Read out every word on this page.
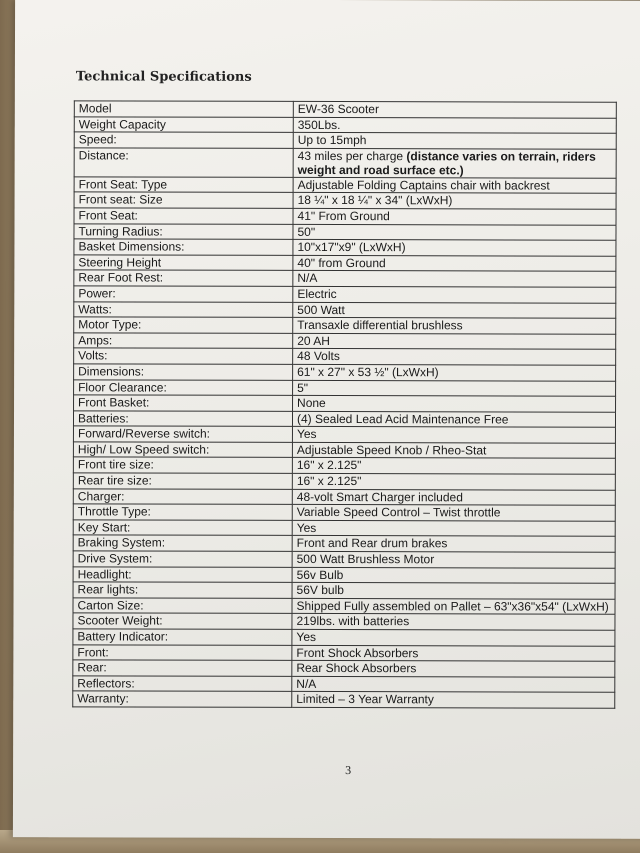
Technical Specifications
Model	EW-36 Scooter
Weight Capacity	350Lbs.
Speed:	Up to 15mph
Distance:	43 miles per charge (distance varies on terrain, riders weight and road surface etc.)
Front Seat: Type	Adjustable Folding Captains chair with backrest
Front seat: Size	18 ¼" x 18 ¼" x 34" (LxWxH)
Front Seat:	41" From Ground
Turning Radius:	50"
Basket Dimensions:	10"x17"x9" (LxWxH)
Steering Height	40" from Ground
Rear Foot Rest:	N/A
Power:	Electric
Watts:	500 Watt
Motor Type:	Transaxle differential brushless
Amps:	20 AH
Volts:	48 Volts
Dimensions:	61" x 27" x 53 ½" (LxWxH)
Floor Clearance:	5"
Front Basket:	None
Batteries:	(4) Sealed Lead Acid Maintenance Free
Forward/Reverse switch:	Yes
High/ Low Speed switch:	Adjustable Speed Knob / Rheo-Stat
Front tire size:	16" x 2.125"
Rear tire size:	16" x 2.125"
Charger:	48-volt Smart Charger included
Throttle Type:	Variable Speed Control – Twist throttle
Key Start:	Yes
Braking System:	Front and Rear drum brakes
Drive System:	500 Watt Brushless Motor
Headlight:	56v Bulb
Rear lights:	56V bulb
Carton Size:	Shipped Fully assembled on Pallet – 63"x36"x54" (LxWxH)
Scooter Weight:	219lbs. with batteries
Battery Indicator:	Yes
Front:	Front Shock Absorbers
Rear:	Rear Shock Absorbers
Reflectors:	N/A
Warranty:	Limited – 3 Year Warranty
3
